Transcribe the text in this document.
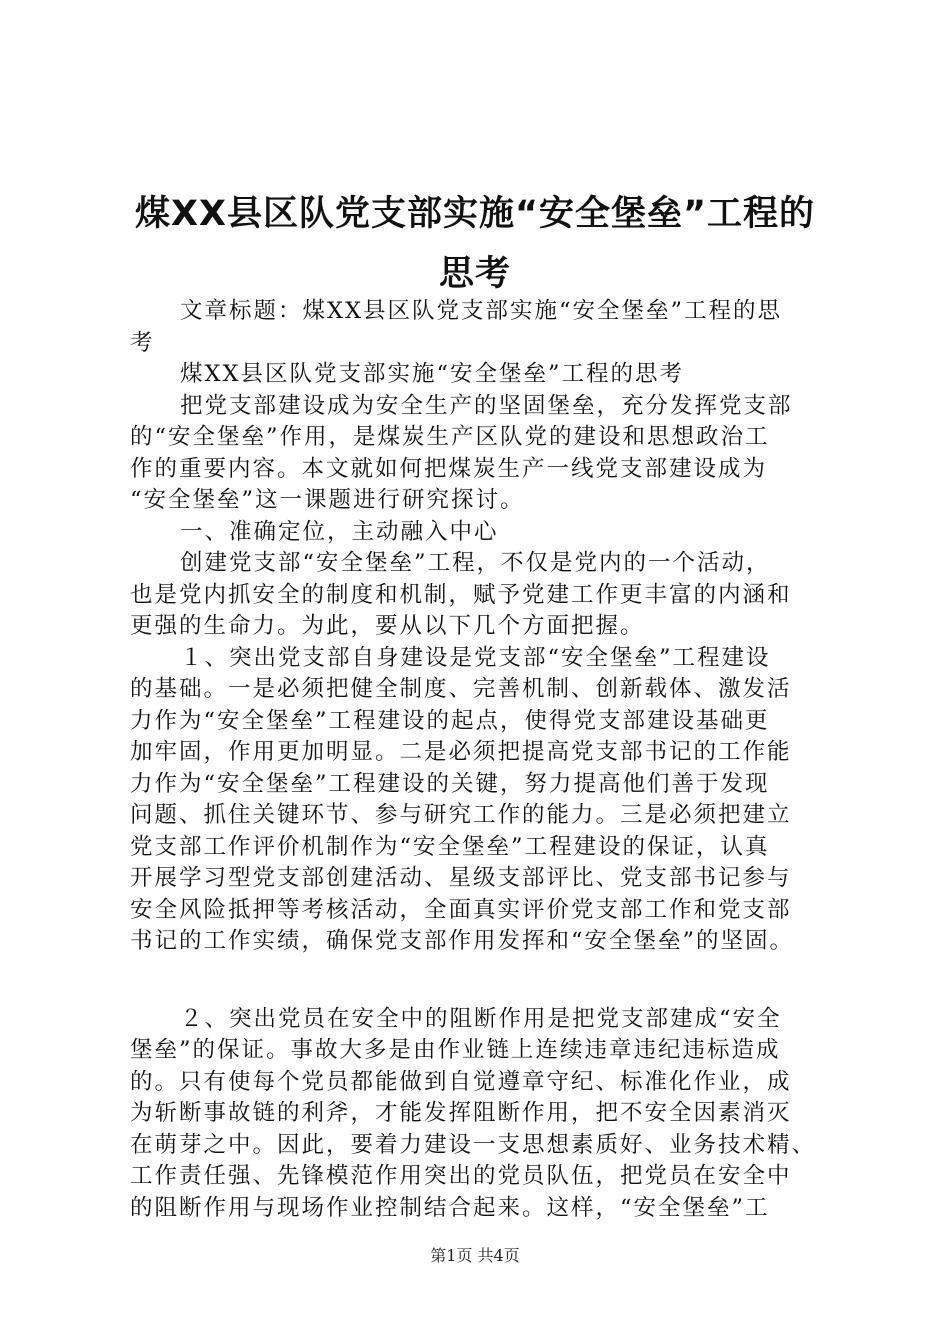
煤XX县区队党支部实施“安全堡垒”工程的
思考
文章标题：煤XX县区队党支部实施“安全堡垒”工程的思
考
煤XX县区队党支部实施“安全堡垒”工程的思考
把党支部建设成为安全生产的坚固堡垒，充分发挥党支部
的“安全堡垒”作用，是煤炭生产区队党的建设和思想政治工
作的重要内容。本文就如何把煤炭生产一线党支部建设成为
“安全堡垒”这一课题进行研究探讨。
一、准确定位，主动融入中心
创建党支部“安全堡垒”工程，不仅是党内的一个活动，
也是党内抓安全的制度和机制，赋予党建工作更丰富的内涵和
更强的生命力。为此，要从以下几个方面把握。
１、突出党支部自身建设是党支部“安全堡垒”工程建设
的基础。一是必须把健全制度、完善机制、创新载体、激发活
力作为“安全堡垒”工程建设的起点，使得党支部建设基础更
加牢固，作用更加明显。二是必须把提高党支部书记的工作能
力作为“安全堡垒”工程建设的关键，努力提高他们善于发现
问题、抓住关键环节、参与研究工作的能力。三是必须把建立
党支部工作评价机制作为“安全堡垒”工程建设的保证，认真
开展学习型党支部创建活动、星级支部评比、党支部书记参与
安全风险抵押等考核活动，全面真实评价党支部工作和党支部
书记的工作实绩，确保党支部作用发挥和“安全堡垒”的坚固。
２、突出党员在安全中的阻断作用是把党支部建成“安全
堡垒”的保证。事故大多是由作业链上连续违章违纪违标造成
的。只有使每个党员都能做到自觉遵章守纪、标准化作业，成
为斩断事故链的利斧，才能发挥阻断作用，把不安全因素消灭
在萌芽之中。因此，要着力建设一支思想素质好、业务技术精、
工作责任强、先锋模范作用突出的党员队伍，把党员在安全中
的阻断作用与现场作业控制结合起来。这样，“安全堡垒”工
第1页 共4页
